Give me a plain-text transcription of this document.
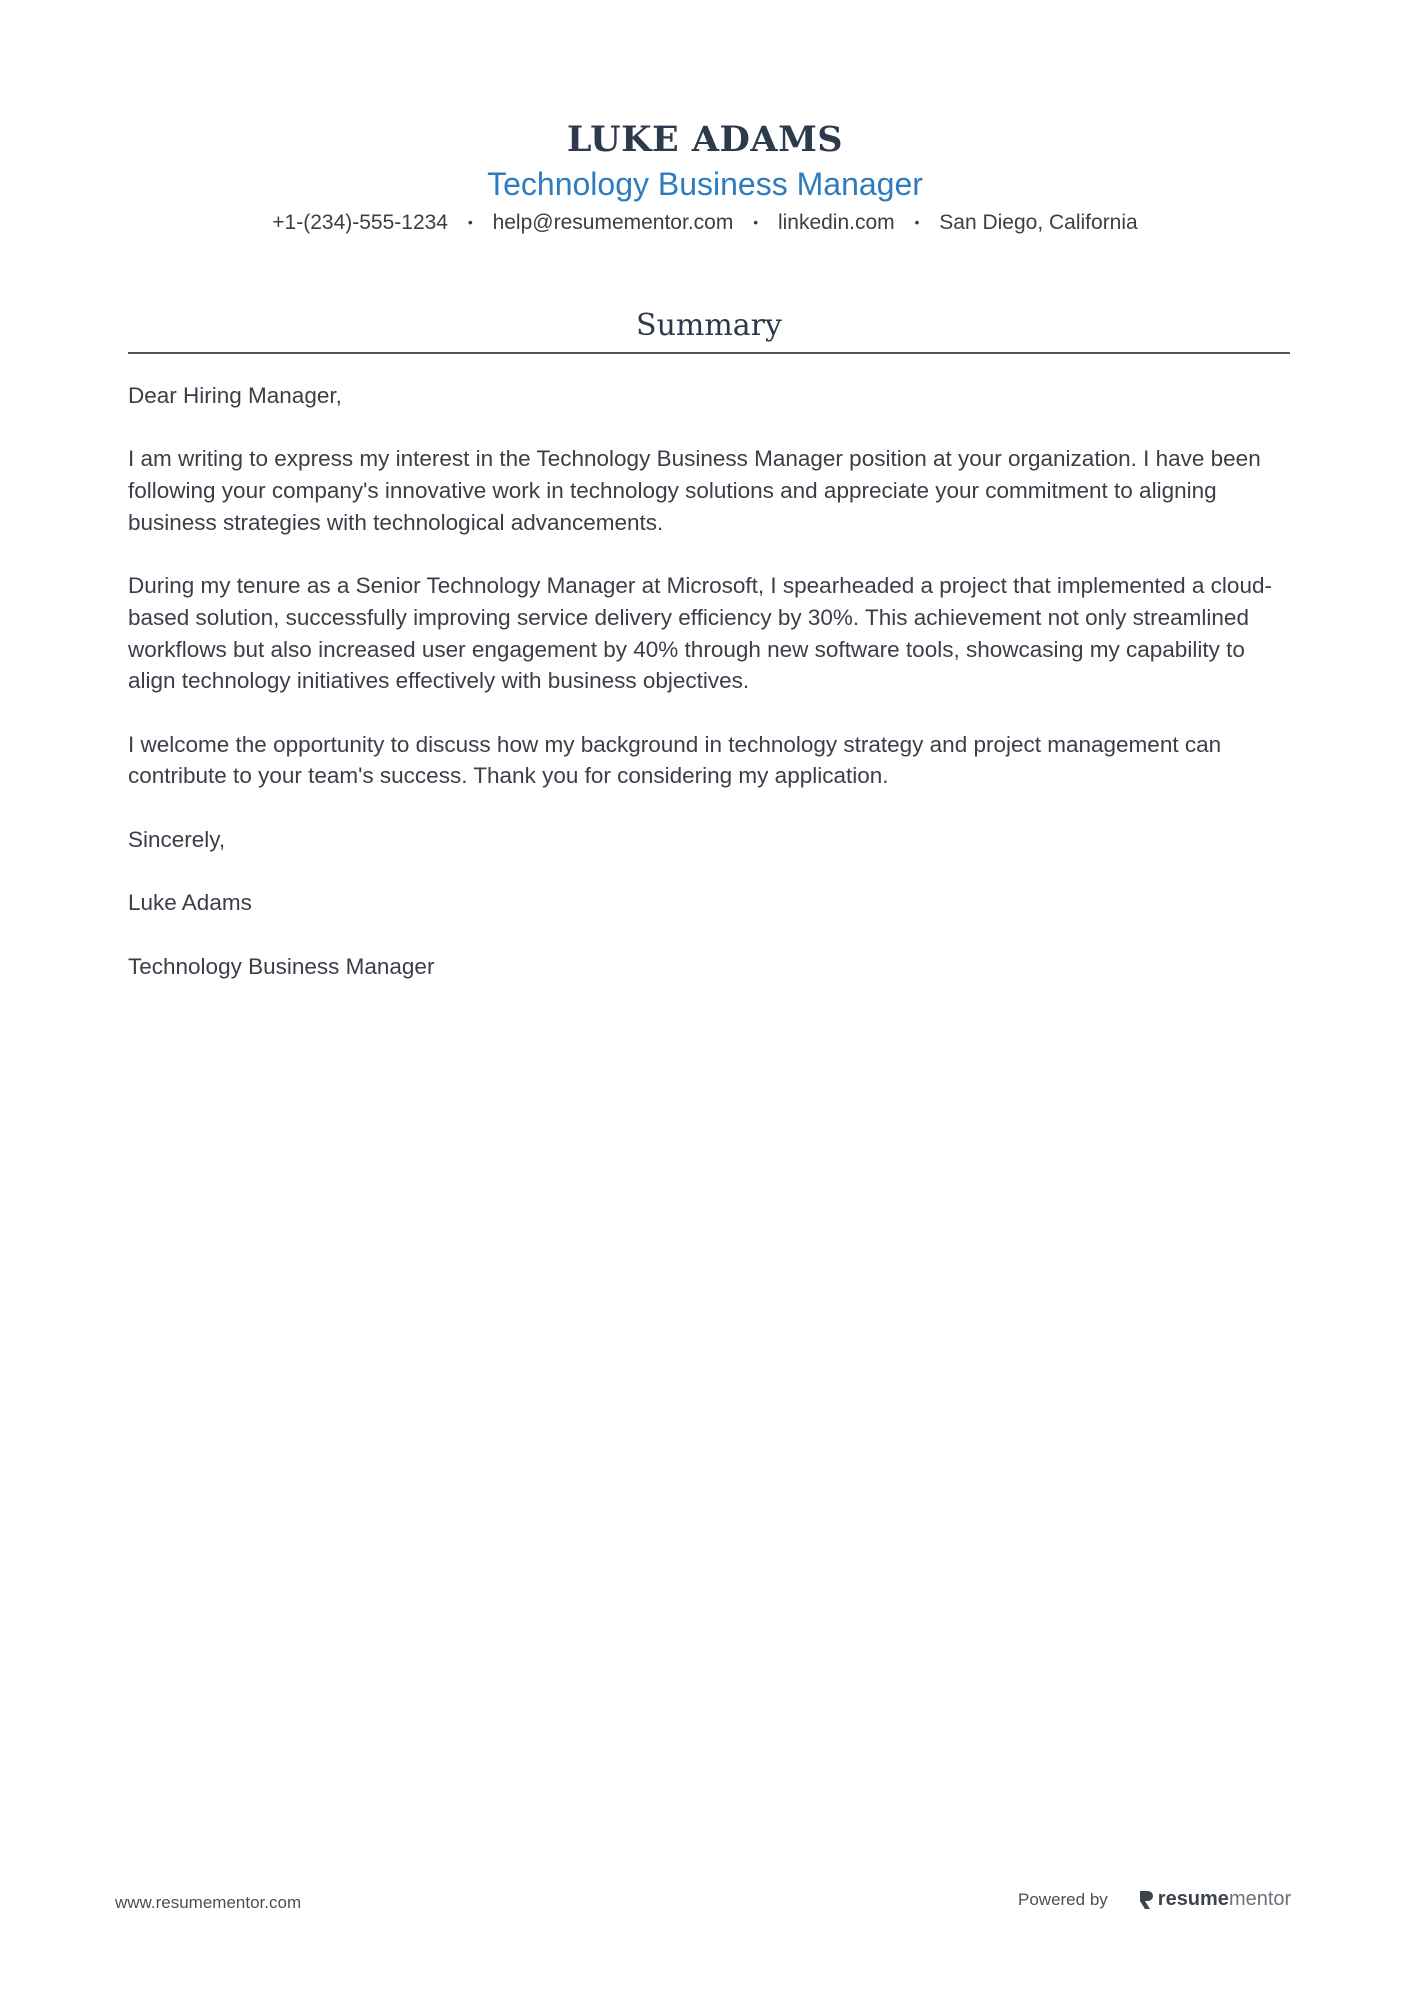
LUKE ADAMS
Technology Business Manager
+1-(234)-555-1234 • help@resumementor.com • linkedin.com • San Diego, California
Summary

Dear Hiring Manager,

I am writing to express my interest in the Technology Business Manager position at your organization. I have been following your company's innovative work in technology solutions and appreciate your commitment to aligning business strategies with technological advancements.

During my tenure as a Senior Technology Manager at Microsoft, I spearheaded a project that implemented a cloud-based solution, successfully improving service delivery efficiency by 30%. This achievement not only streamlined workflows but also increased user engagement by 40% through new software tools, showcasing my capability to align technology initiatives effectively with business objectives.

I welcome the opportunity to discuss how my background in technology strategy and project management can contribute to your team's success. Thank you for considering my application.

Sincerely,

Luke Adams

Technology Business Manager

www.resumementor.com	Powered by	resume mentor
